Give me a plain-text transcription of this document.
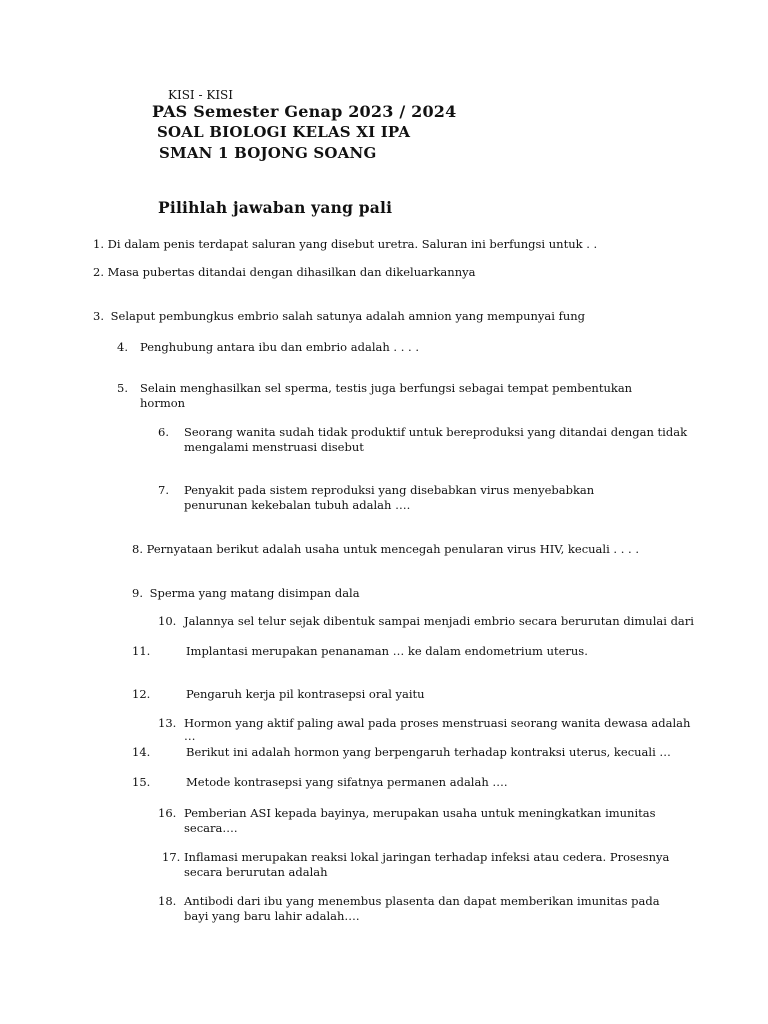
KISI - KISI
PAS Semester Genap 2023 / 2024
SOAL BIOLOGI KELAS XI IPA
SMAN 1 BOJONG SOANG
Pilihlah jawaban yang pali
1. Di dalam penis terdapat saluran yang disebut uretra. Saluran ini berfungsi untuk . .
2. Masa pubertas ditandai dengan dihasilkan dan dikeluarkannya
3. Selaput pembungkus embrio salah satunya adalah amnion yang mempunyai fung
4. Penghubung antara ibu dan embrio adalah . . . .
5. Selain menghasilkan sel sperma, testis juga berfungsi sebagai tempat pembentukan
hormon
6. Seorang wanita sudah tidak produktif untuk bereproduksi yang ditandai dengan tidak
mengalami menstruasi disebut
7. Penyakit pada sistem reproduksi yang disebabkan virus menyebabkan
penurunan kekebalan tubuh adalah ….
8. Pernyataan berikut adalah usaha untuk mencegah penularan virus HIV, kecuali . . . .
9. Sperma yang matang disimpan dala
10. Jalannya sel telur sejak dibentuk sampai menjadi embrio secara berurutan dimulai dari
11.	Implantasi merupakan penanaman … ke dalam endometrium uterus.
12.	Pengaruh kerja pil kontrasepsi oral yaitu
13. Hormon yang aktif paling awal pada proses menstruasi seorang wanita dewasa adalah
…
14.	Berikut ini adalah hormon yang berpengaruh terhadap kontraksi uterus, kecuali …
15.	Metode kontrasepsi yang sifatnya permanen adalah ….
16. Pemberian ASI kepada bayinya, merupakan usaha untuk meningkatkan imunitas
secara….
17. Inflamasi merupakan reaksi lokal jaringan terhadap infeksi atau cedera. Prosesnya
secara berurutan adalah
18. Antibodi dari ibu yang menembus plasenta dan dapat memberikan imunitas pada
bayi yang baru lahir adalah….
